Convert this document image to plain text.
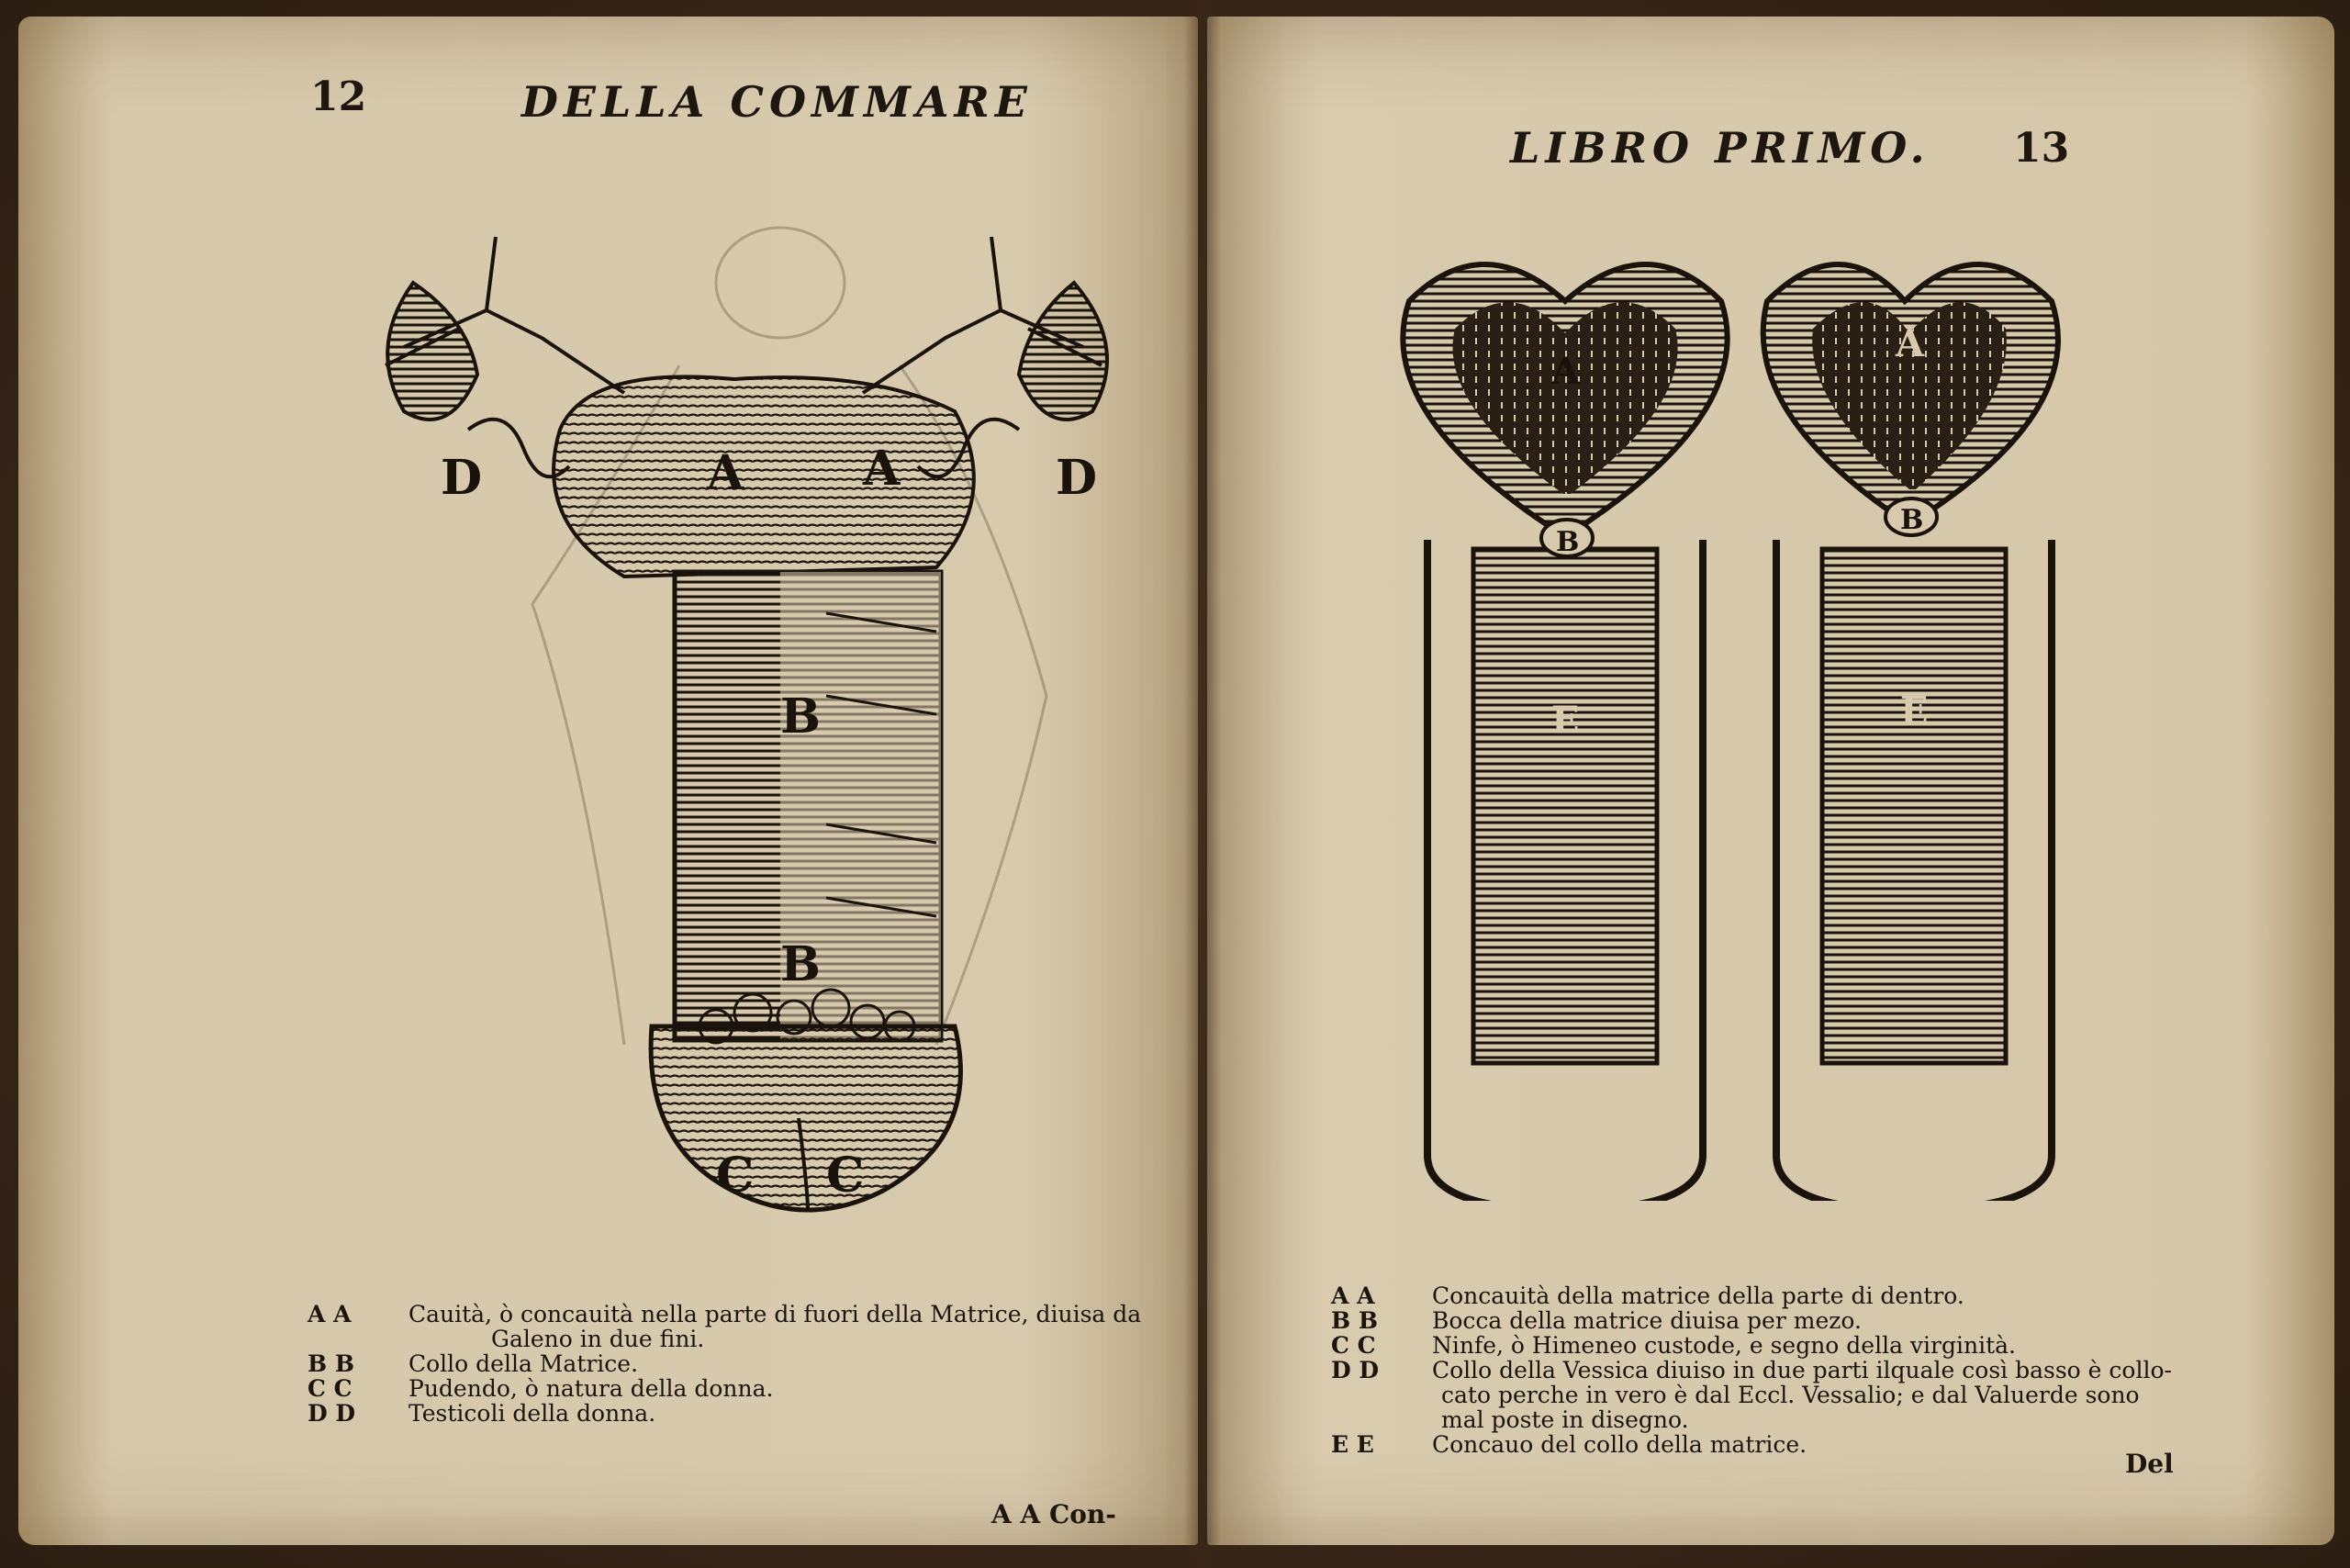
12	DELLA COMMARE
A A
B
B
C C
D	D
A A	Cauità, ò concauità nella parte di fuori della Matrice, diuisa da
Galeno in due fini.
B B	Collo della Matrice.
C C	Pudendo, ò natura della donna.
D D	Testicoli della donna.
A A Con-
LIBRO PRIMO. 13
A
B
E
A
B
E
A A	Concauità della matrice della parte di dentro.
B B	Bocca della matrice diuisa per mezo.
C C	Ninfe, ò Himeneo custode, e segno della virginità.
D D	Collo della Vessica diuiso in due parti ilquale così basso è collo-
cato perche in vero è dal Eccl. Vessalio; e dal Valuerde sono
mal poste in disegno.
E E	Concauo del collo della matrice.
Del
